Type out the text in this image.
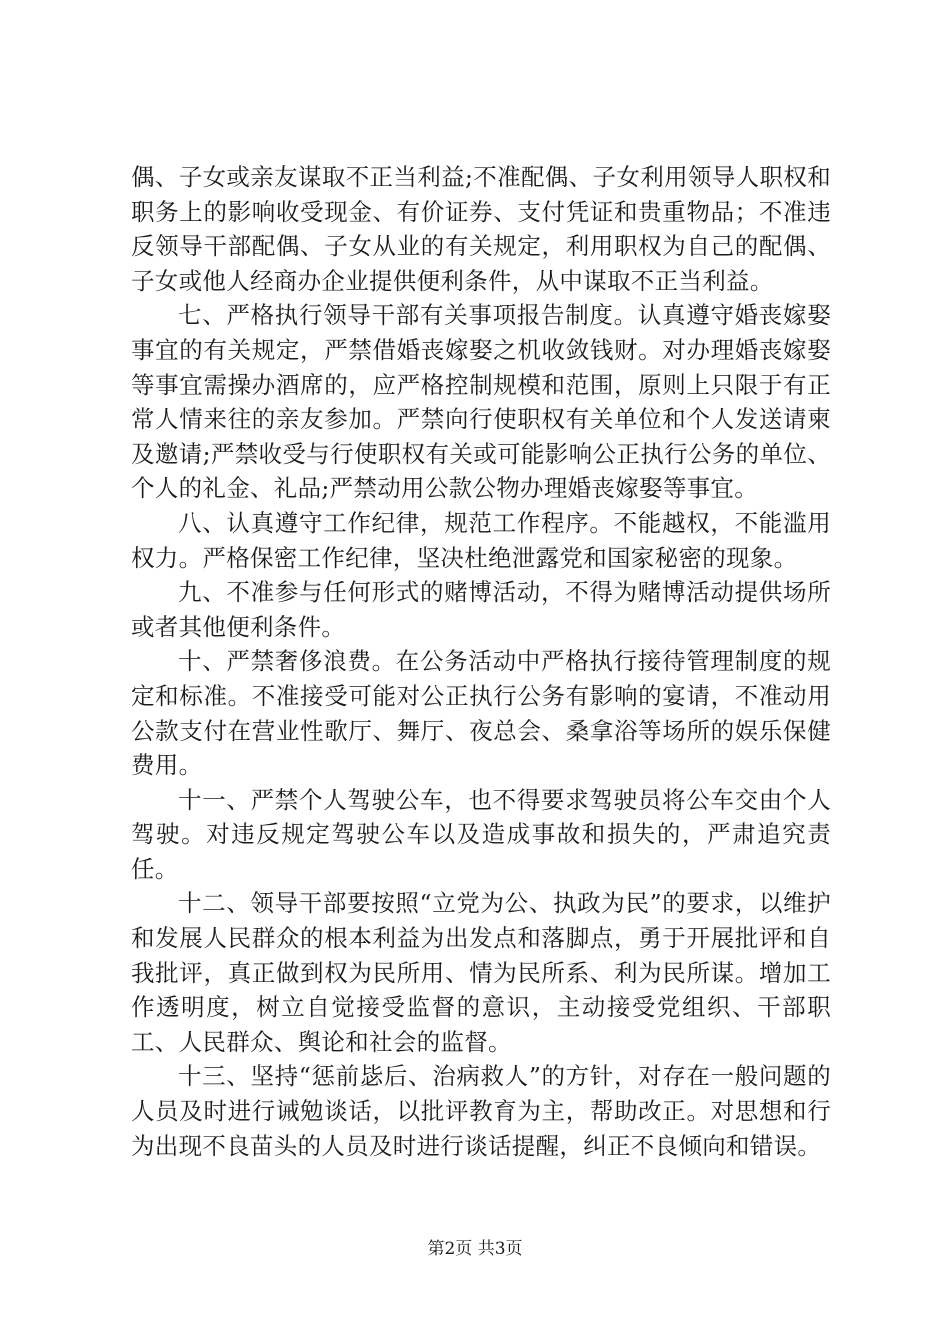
偶、子女或亲友谋取不正当利益;不准配偶、子女利用领导人职权和职务上的影响收受现金、有价证券、支付凭证和贵重物品；不准违反领导干部配偶、子女从业的有关规定，利用职权为自己的配偶、子女或他人经商办企业提供便利条件，从中谋取不正当利益。

七、严格执行领导干部有关事项报告制度。认真遵守婚丧嫁娶事宜的有关规定，严禁借婚丧嫁娶之机收敛钱财。对办理婚丧嫁娶等事宜需操办酒席的，应严格控制规模和范围，原则上只限于有正常人情来往的亲友参加。严禁向行使职权有关单位和个人发送请柬及邀请;严禁收受与行使职权有关或可能影响公正执行公务的单位、个人的礼金、礼品;严禁动用公款公物办理婚丧嫁娶等事宜。

八、认真遵守工作纪律，规范工作程序。不能越权，不能滥用权力。严格保密工作纪律，坚决杜绝泄露党和国家秘密的现象。

九、不准参与任何形式的赌博活动，不得为赌博活动提供场所或者其他便利条件。

十、严禁奢侈浪费。在公务活动中严格执行接待管理制度的规定和标准。不准接受可能对公正执行公务有影响的宴请，不准动用公款支付在营业性歌厅、舞厅、夜总会、桑拿浴等场所的娱乐保健费用。

十一、严禁个人驾驶公车，也不得要求驾驶员将公车交由个人驾驶。对违反规定驾驶公车以及造成事故和损失的，严肃追究责任。

十二、领导干部要按照“立党为公、执政为民”的要求，以维护和发展人民群众的根本利益为出发点和落脚点，勇于开展批评和自我批评，真正做到权为民所用、情为民所系、利为民所谋。增加工作透明度，树立自觉接受监督的意识，主动接受党组织、干部职工、人民群众、舆论和社会的监督。

十三、坚持“惩前毖后、治病救人”的方针，对存在一般问题的人员及时进行诫勉谈话，以批评教育为主，帮助改正。对思想和行为出现不良苗头的人员及时进行谈话提醒，纠正不良倾向和错误。

第2页 共3页
